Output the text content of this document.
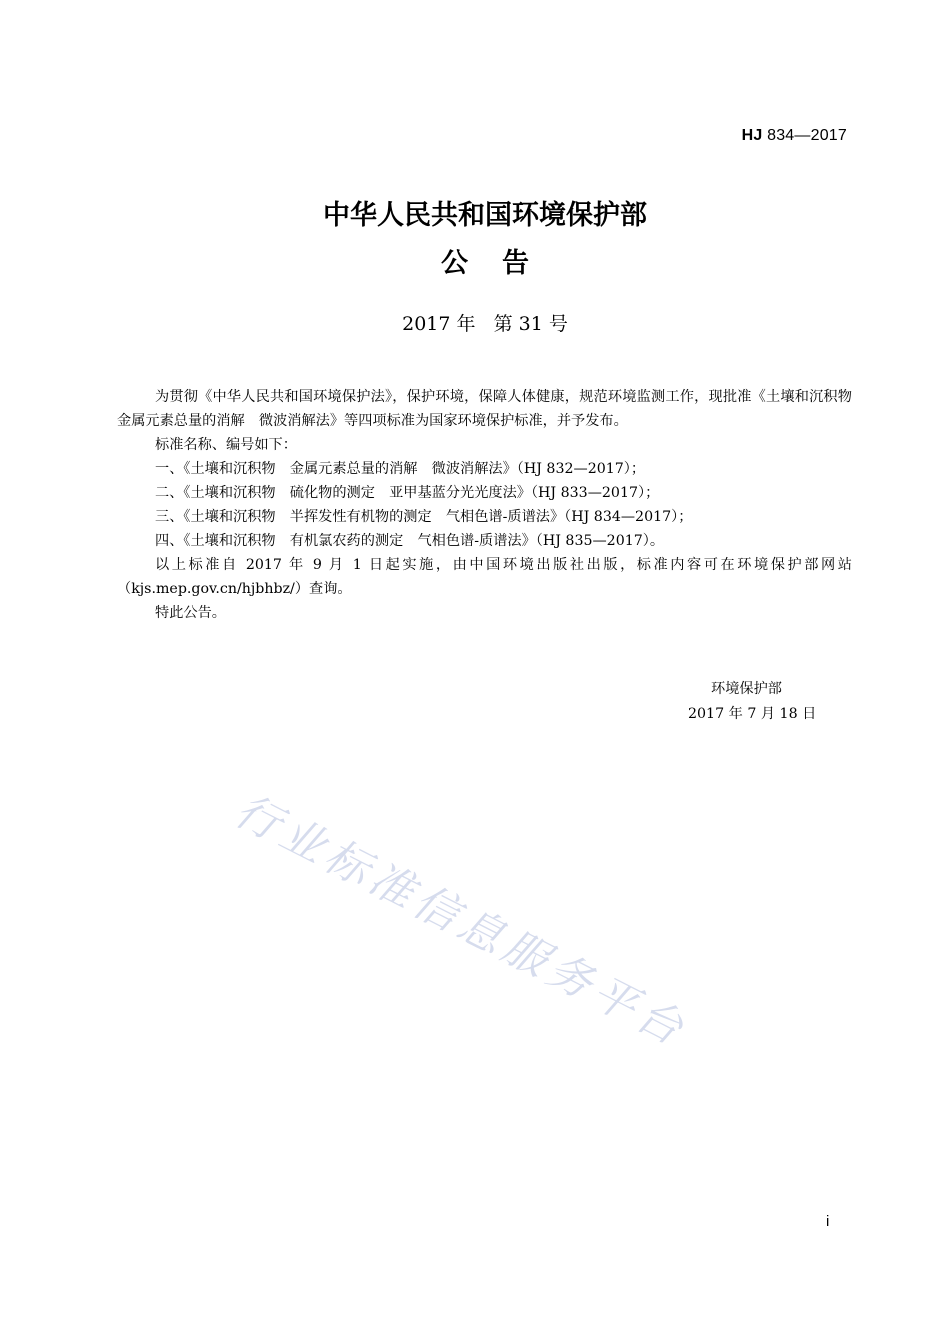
HJ 834—2017
中华人民共和国环境保护部
公告
2017 年   第 31 号

为贯彻《中华人民共和国环境保护法》，保护环境，保障人体健康，规范环境监测工作，现批准《土壤和沉积物　金属元素总量的消解　微波消解法》等四项标准为国家环境保护标准，并予发布。

标准名称、编号如下：

一、《土壤和沉积物　金属元素总量的消解　微波消解法》（HJ 832—2017）；

二、《土壤和沉积物　硫化物的测定　亚甲基蓝分光光度法》（HJ 833—2017）；

三、《土壤和沉积物　半挥发性有机物的测定　气相色谱-质谱法》（HJ 834—2017）；

四、《土壤和沉积物　有机氯农药的测定　气相色谱-质谱法》（HJ 835—2017）。

以上标准自 2017 年 9 月 1 日起实施，由中国环境出版社出版，标准内容可在环境保护部网站（kjs.mep.gov.cn/hjbhbz/）查询。

特此公告。

环境保护部
2017 年 7 月 18 日
行业标准信息服务平台
i
